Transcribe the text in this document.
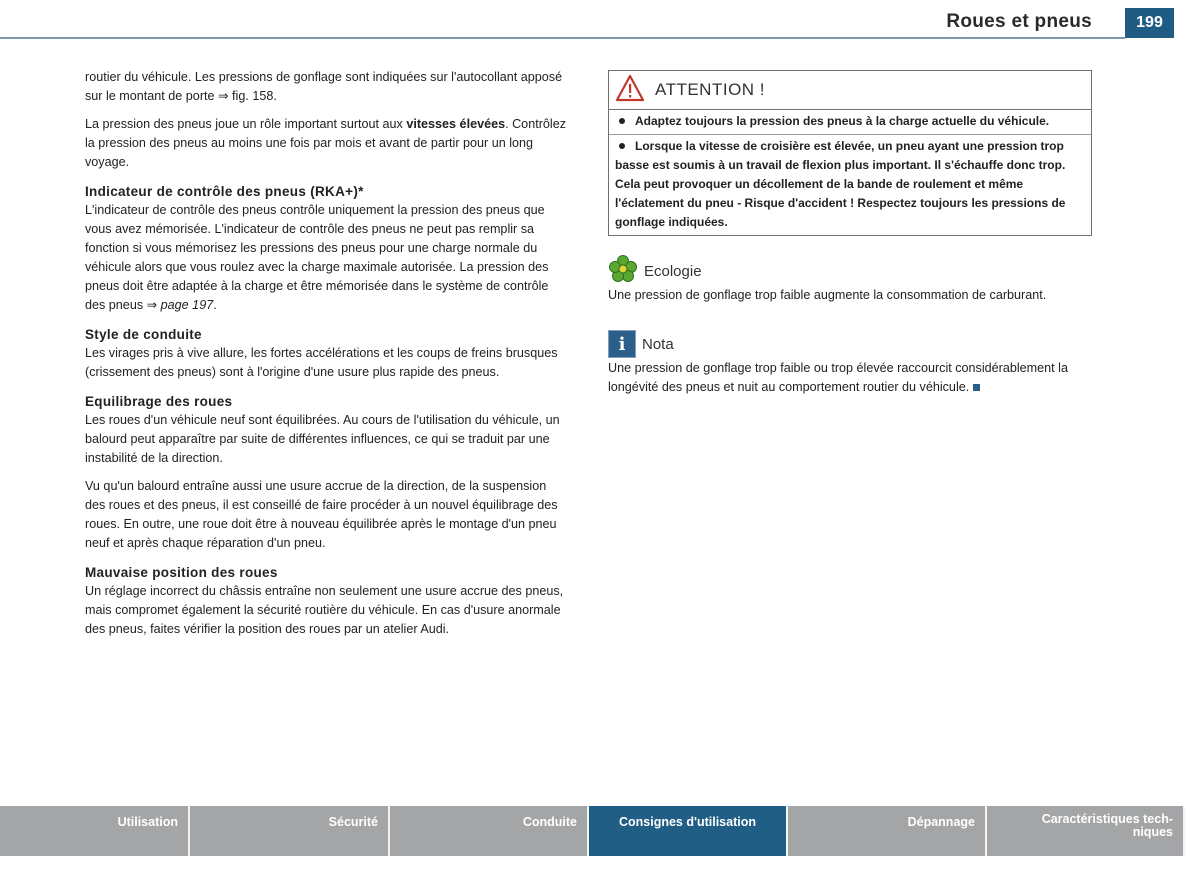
Roues et pneus	199

routier du véhicule. Les pressions de gonflage sont indiquées sur l'autocollant apposé sur le montant de porte ⇒ fig. 158.

La pression des pneus joue un rôle important surtout aux vitesses élevées. Contrôlez la pression des pneus au moins une fois par mois et avant de partir pour un long voyage.

Indicateur de contrôle des pneus (RKA+)*

L'indicateur de contrôle des pneus contrôle uniquement la pression des pneus que vous avez mémorisée. L'indicateur de contrôle des pneus ne peut pas remplir sa fonction si vous mémorisez les pressions des pneus pour une charge normale du véhicule alors que vous roulez avec la charge maximale autorisée. La pression des pneus doit être adaptée à la charge et être mémorisée dans le système de contrôle des pneus ⇒ page 197.

Style de conduite

Les virages pris à vive allure, les fortes accélérations et les coups de freins brusques (crissement des pneus) sont à l'origine d'une usure plus rapide des pneus.

Equilibrage des roues

Les roues d'un véhicule neuf sont équilibrées. Au cours de l'utilisation du véhicule, un balourd peut apparaître par suite de différentes influences, ce qui se traduit par une instabilité de la direction.

Vu qu'un balourd entraîne aussi une usure accrue de la direction, de la suspension des roues et des pneus, il est conseillé de faire procéder à un nouvel équilibrage des roues. En outre, une roue doit être à nouveau équilibrée après le montage d'un pneu neuf et après chaque réparation d'un pneu.

Mauvaise position des roues

Un réglage incorrect du châssis entraîne non seulement une usure accrue des pneus, mais compromet également la sécurité routière du véhicule. En cas d'usure anormale des pneus, faites vérifier la position des roues par un atelier Audi.

ATTENTION !
Adaptez toujours la pression des pneus à la charge actuelle du véhicule.
Lorsque la vitesse de croisière est élevée, un pneu ayant une pression trop basse est soumis à un travail de flexion plus important. Il s'échauffe donc trop. Cela peut provoquer un décollement de la bande de roulement et même l'éclatement du pneu - Risque d'accident ! Respectez toujours les pressions de gonflage indiquées.
Ecologie

Une pression de gonflage trop faible augmente la consommation de carburant.

i	Nota

Une pression de gonflage trop faible ou trop élevée raccourcit considérablement la longévité des pneus et nuit au comportement routier du véhicule.

Utilisation	Sécurité	Conduite	Consignes d'utilisation	Dépannage	Caractéristiques tech-
niques
